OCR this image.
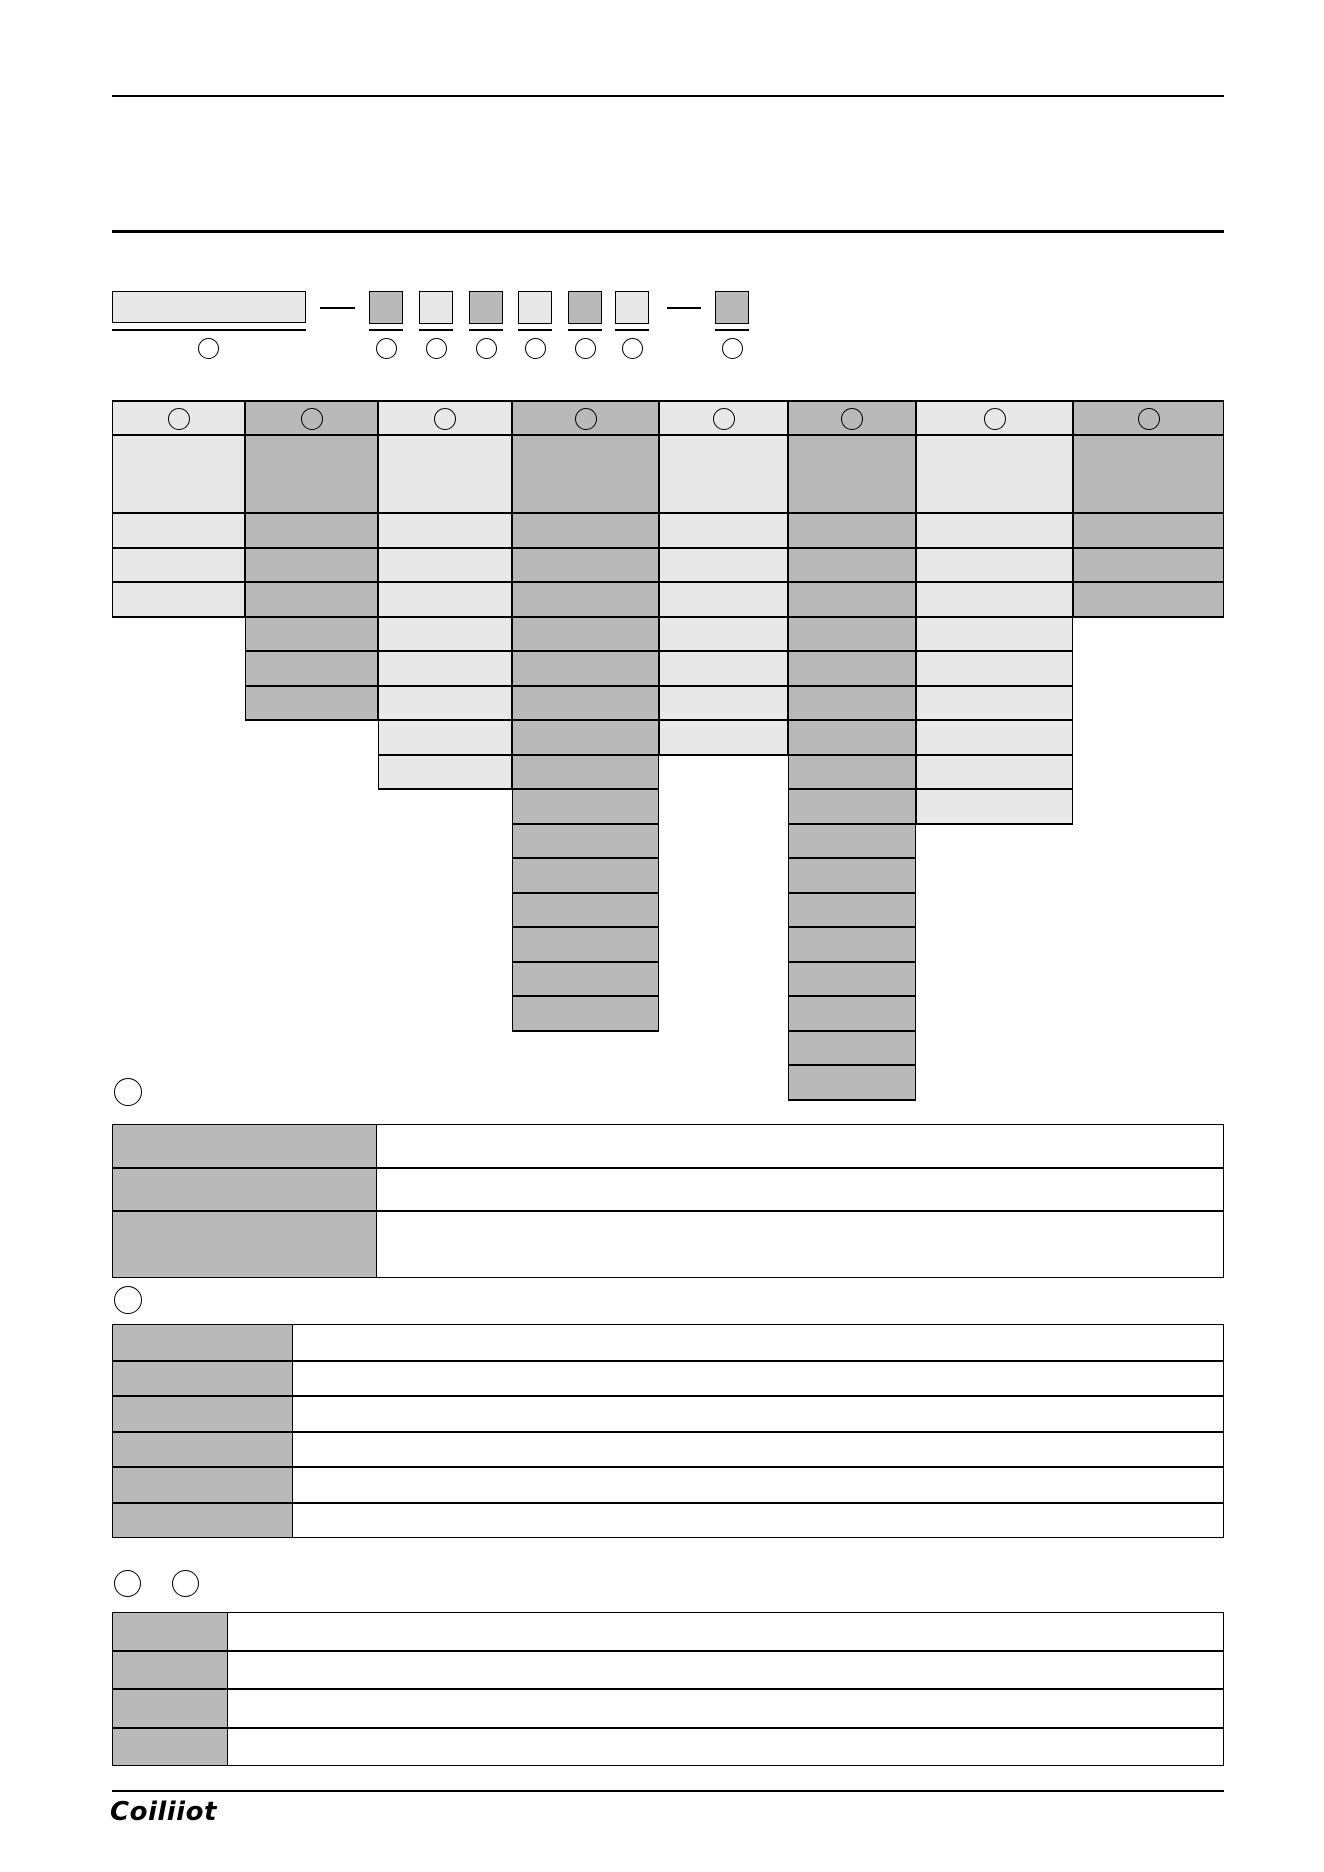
Coiliiot
